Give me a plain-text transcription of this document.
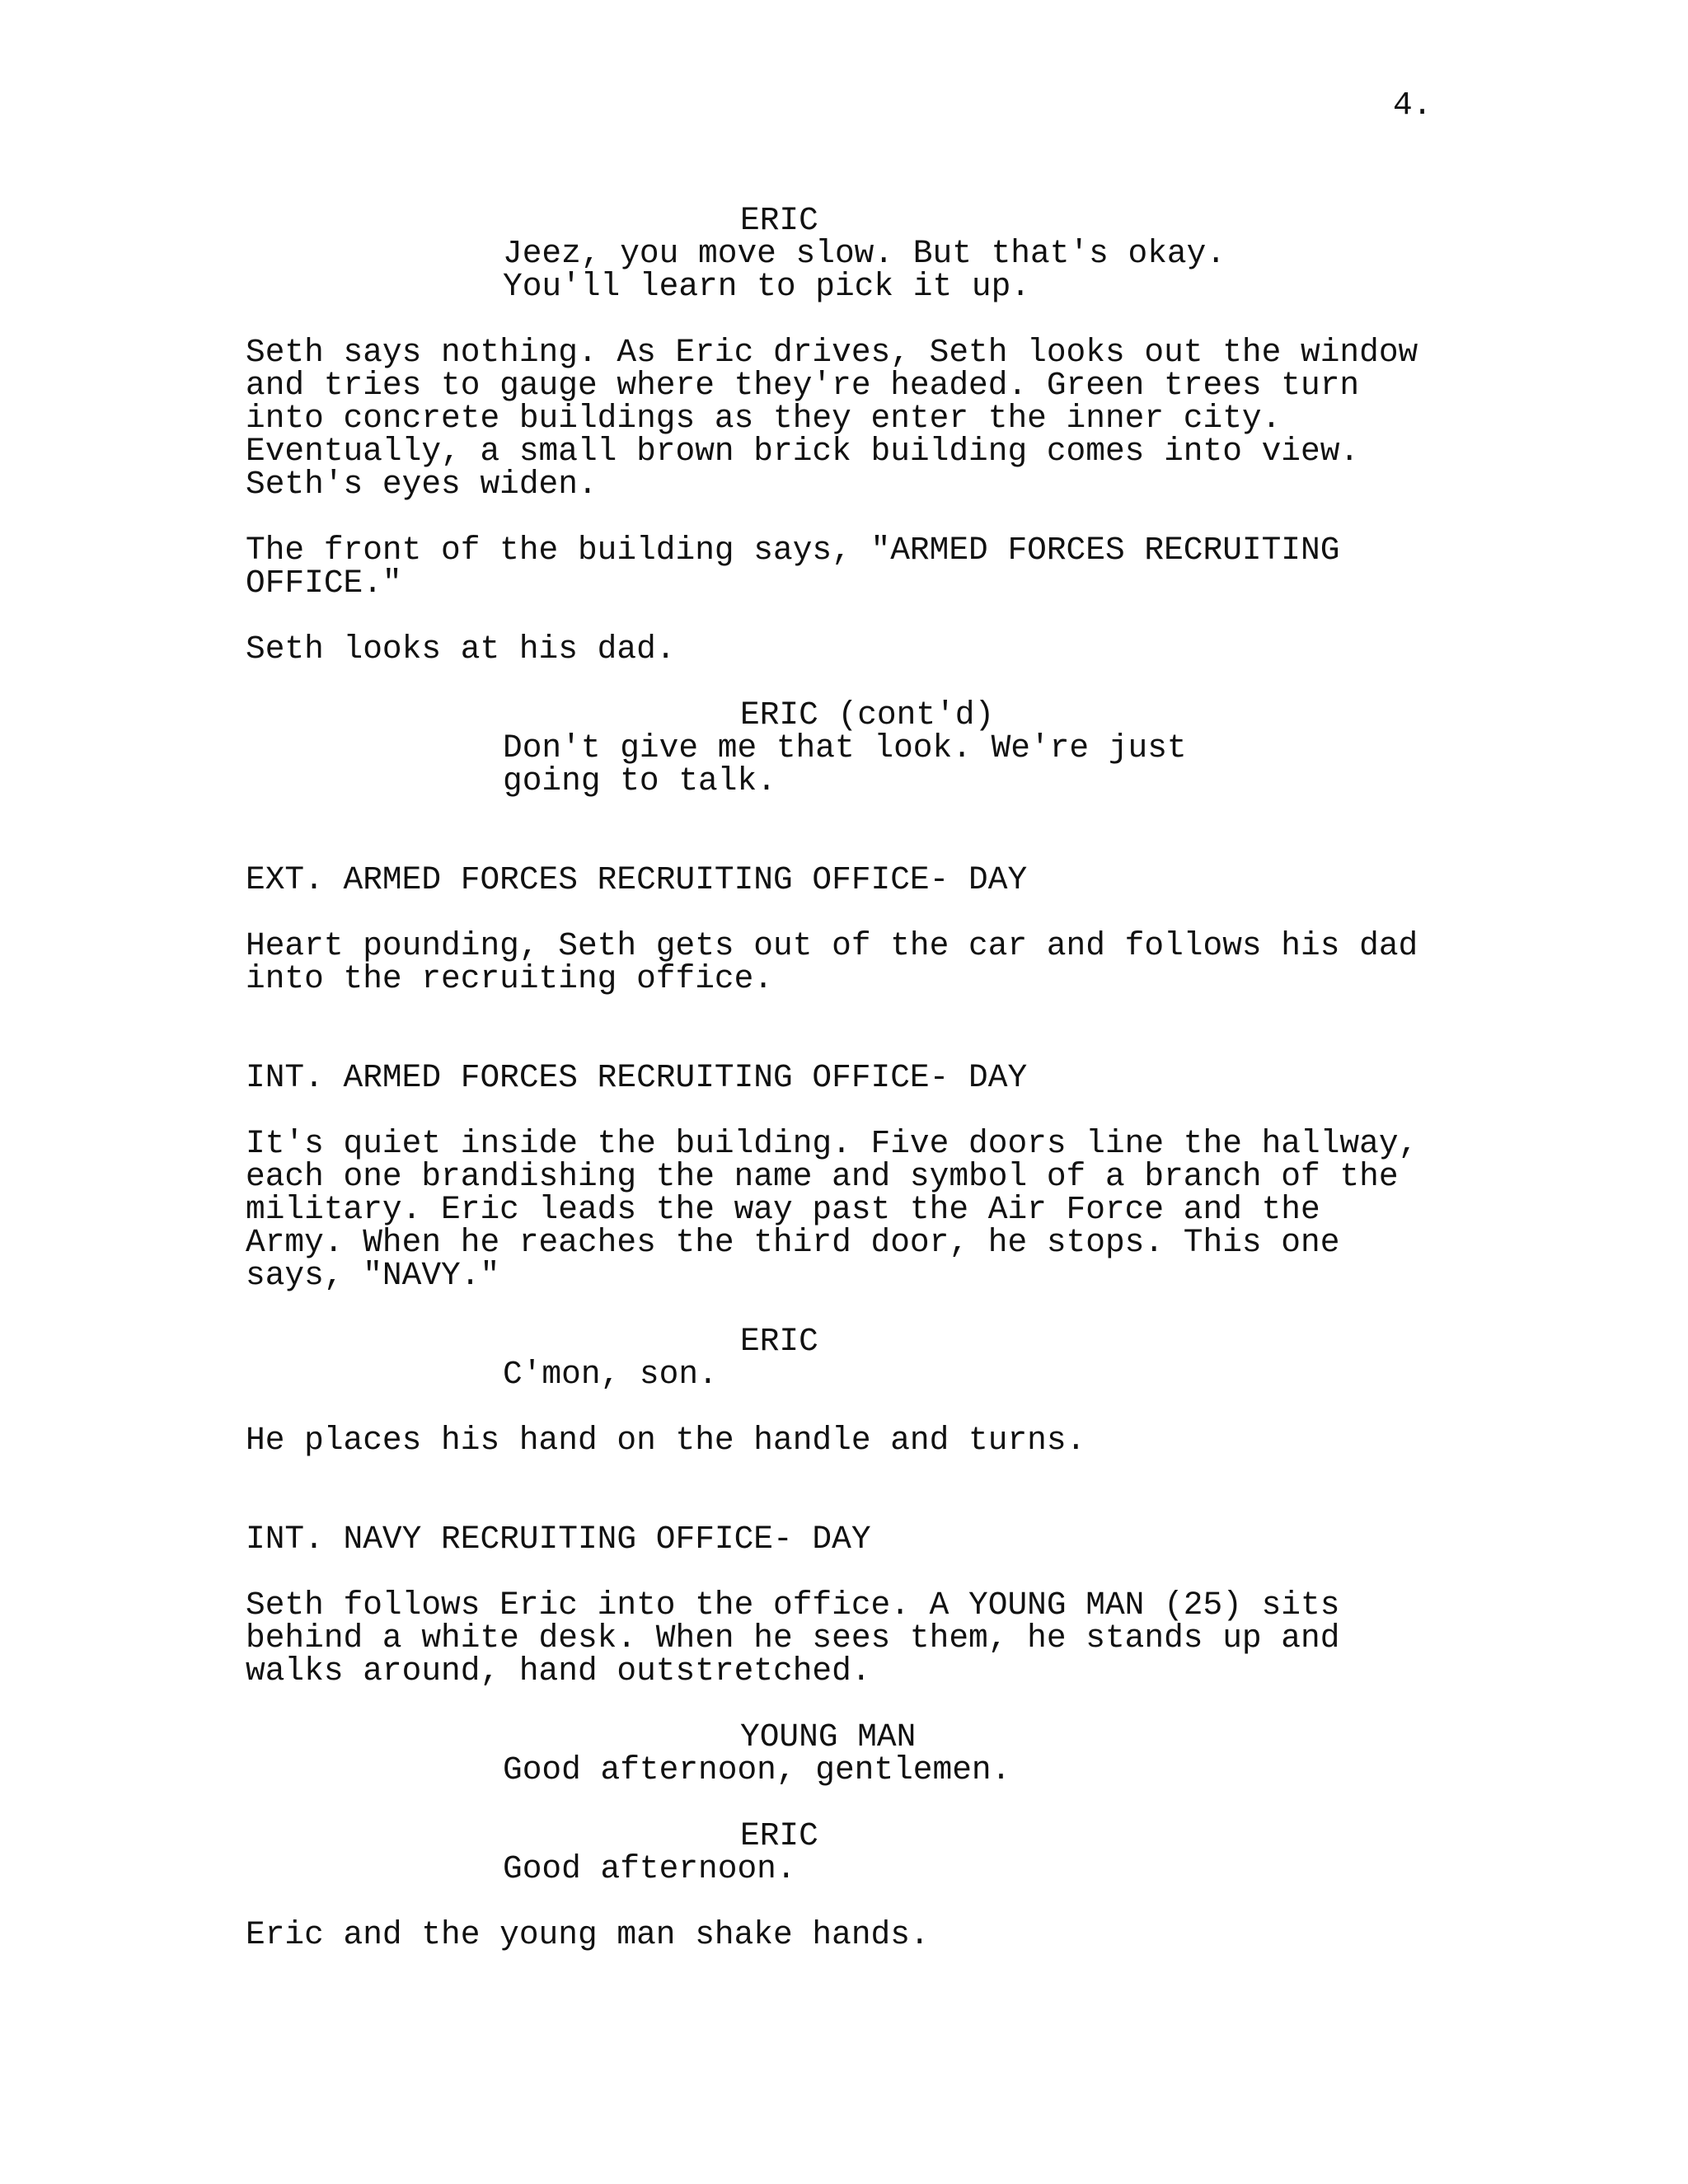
4.
ERIC
Jeez, you move slow. But that's okay.
You'll learn to pick it up.
Seth says nothing. As Eric drives, Seth looks out the window
and tries to gauge where they're headed. Green trees turn
into concrete buildings as they enter the inner city.
Eventually, a small brown brick building comes into view.
Seth's eyes widen.
The front of the building says, "ARMED FORCES RECRUITING
OFFICE."
Seth looks at his dad.
ERIC (cont'd)
Don't give me that look. We're just
going to talk.
EXT. ARMED FORCES RECRUITING OFFICE- DAY
Heart pounding, Seth gets out of the car and follows his dad
into the recruiting office.
INT. ARMED FORCES RECRUITING OFFICE- DAY
It's quiet inside the building. Five doors line the hallway,
each one brandishing the name and symbol of a branch of the
military. Eric leads the way past the Air Force and the
Army. When he reaches the third door, he stops. This one
says, "NAVY."
ERIC
C'mon, son.
He places his hand on the handle and turns.
INT. NAVY RECRUITING OFFICE- DAY
Seth follows Eric into the office. A YOUNG MAN (25) sits
behind a white desk. When he sees them, he stands up and
walks around, hand outstretched.
YOUNG MAN
Good afternoon, gentlemen.
ERIC
Good afternoon.
Eric and the young man shake hands.
